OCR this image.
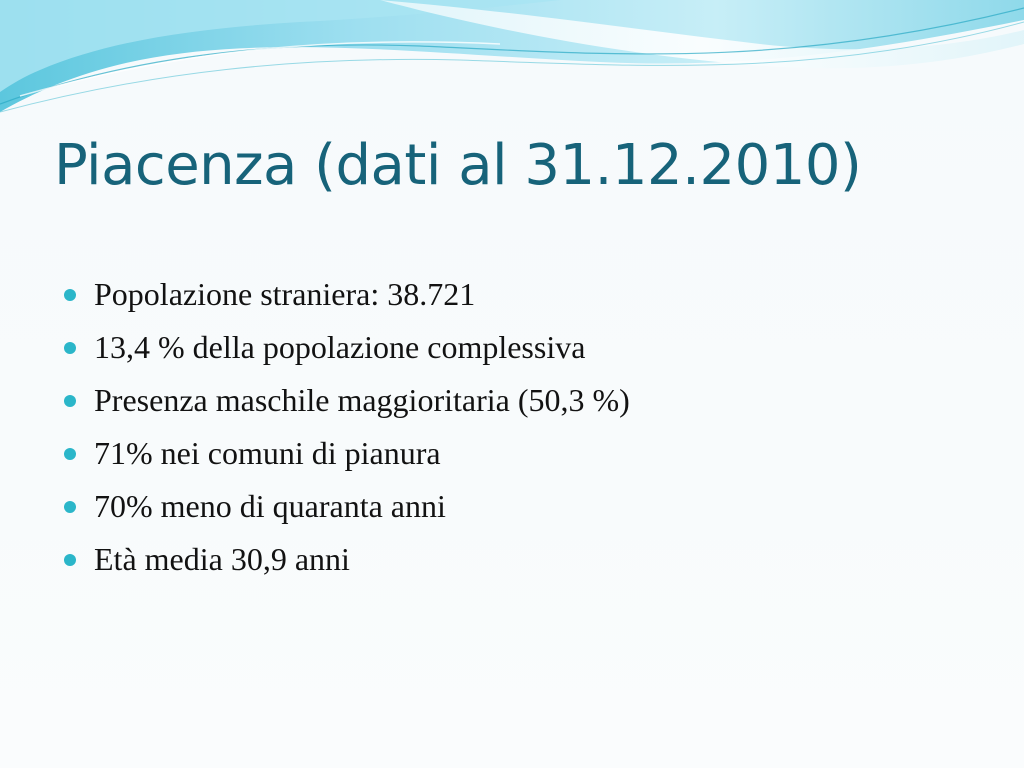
Piacenza (dati al 31.12.2010)
Popolazione straniera: 38.721
13,4 % della popolazione complessiva
Presenza maschile maggioritaria (50,3 %)
71% nei comuni di pianura
70% meno di quaranta anni
Età media 30,9 anni
